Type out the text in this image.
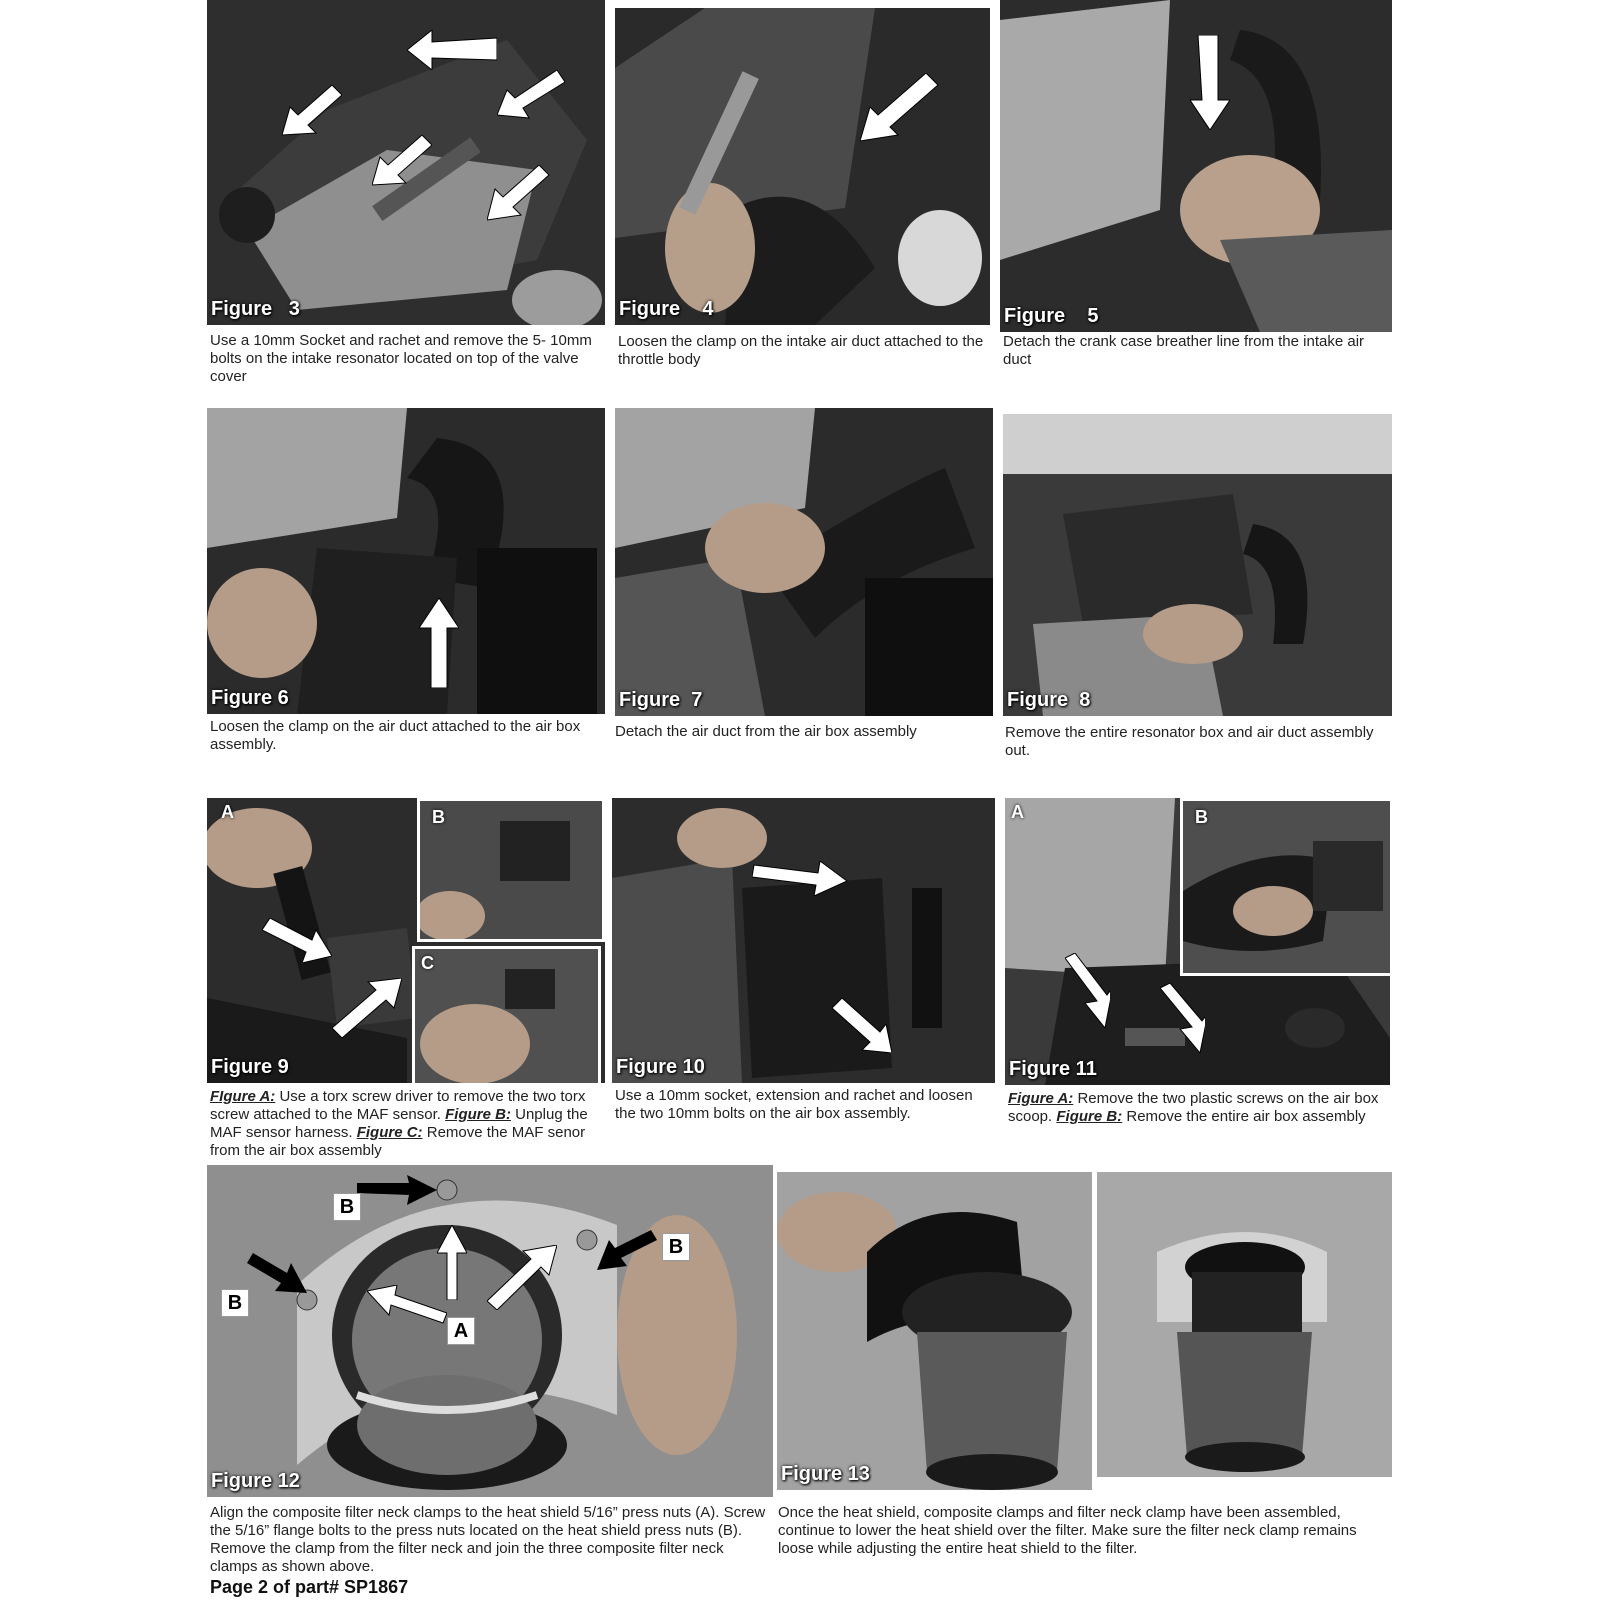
Figure   3
Use a 10mm Socket and rachet and remove the 5- 10mm bolts on the intake resonator located on top of the valve cover
Figure    4
Loosen the clamp on the intake air duct attached to the throttle body
Figure    5
Detach the crank case breather line from the intake air duct
Figure 6
Loosen the clamp on the air duct attached to the air box assembly.
Figure  7
Detach the air duct from the air box assembly
Figure  8
Remove the entire resonator box and air duct assembly out.
B
C
A
Figure 9
FIgure A: Use a torx screw driver to remove the two torx screw attached to the MAF sensor. Figure B: Unplug the MAF sensor harness. Figure C: Remove the MAF senor from the air box assembly
Figure 10
Use a 10mm socket, extension and rachet and loosen the two 10mm bolts on the air box assembly.
B
A
Figure 11
Figure A: Remove the two plastic screws on the air box scoop. Figure B: Remove the entire air box assembly
B
B
B
A
Figure 12
Align the composite filter neck clamps to the heat shield 5/16” press nuts (A). Screw the 5/16” flange bolts to the press nuts located on the heat shield press nuts (B). Remove the clamp from the filter neck and join the three composite filter neck clamps as shown above.
Figure 13
Once the heat shield, composite clamps and filter neck clamp have been assembled, continue to lower the heat shield over the filter. Make sure the filter neck clamp remains loose while adjusting the entire heat shield to the filter.
Page 2 of part# SP1867
